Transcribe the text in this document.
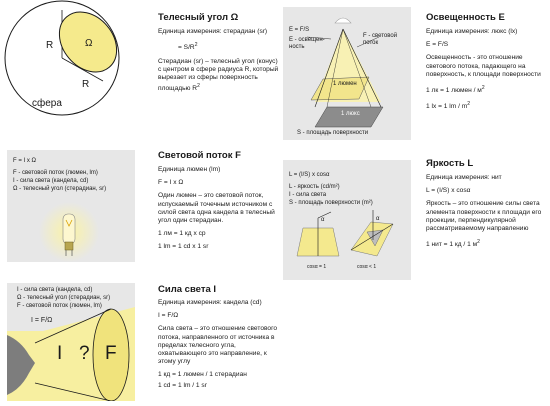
R	Ω
R
сфера
Телесный угол Ω

Единица измерения: стерадиан (sr)

= $S/R^2$

Стерадиан (sr) – телесный угол (конус) с центром в сфере радиуса R, который вырезает из сферы поверхность площадью $R^2$

E = F/S
E - освещен-
ность
F - световой
поток
1 люмен
1 люкс
S - площадь поверхности
Освещенность E

Единица измерения: люкс (lx)

E = F/S

Освещенность - это отношение светового потока, падающего на поверхность, к площади поверхности

1 лк = 1 люмен / $м^2$

1 lx = 1 lm / $m^2$

F = I x Ω
F - световой поток (люмен, lm)
I - сила света (кандела, cd)
Ω - телесный угол (стерадиан, sr)
Световой поток F

Единица люмен (lm)

F = I x Ω

Один люмен – это световой поток, испускаемый точечным источником с силой света одна кандела в телесный угол один стерадиан.

1 лм = 1 кд х ср

1 lm = 1 cd x 1 sr

L = (I/S) x cosα
L - яркость (cd/m²)
I - сила света
S - площадь поверхности (m²)
α	α
cosα = 1	cosα < 1
Яркость L

Единица измерения: нит

L = (I/S) x cosα

Яркость – это отношение силы света элемента поверхности к площади его проекции, перпендикулярной рассматриваемому направлению

1 нит = 1 кд / 1 $м^2$

I - сила света (кандела, cd)
Ω - телесный угол (стерадиан, sr)
F - световой поток (люмен, lm)
I = F/Ω
I ? F
Сила света I

Единица измерения: кандела (cd)

I = F/Ω

Сила света – это отношение светового потока, направленного от источника в пределах телесного угла, охватывающего это направление, к этому углу

1 кд = 1 люмен / 1 стерадиан

1 cd = 1 lm / 1 sr
